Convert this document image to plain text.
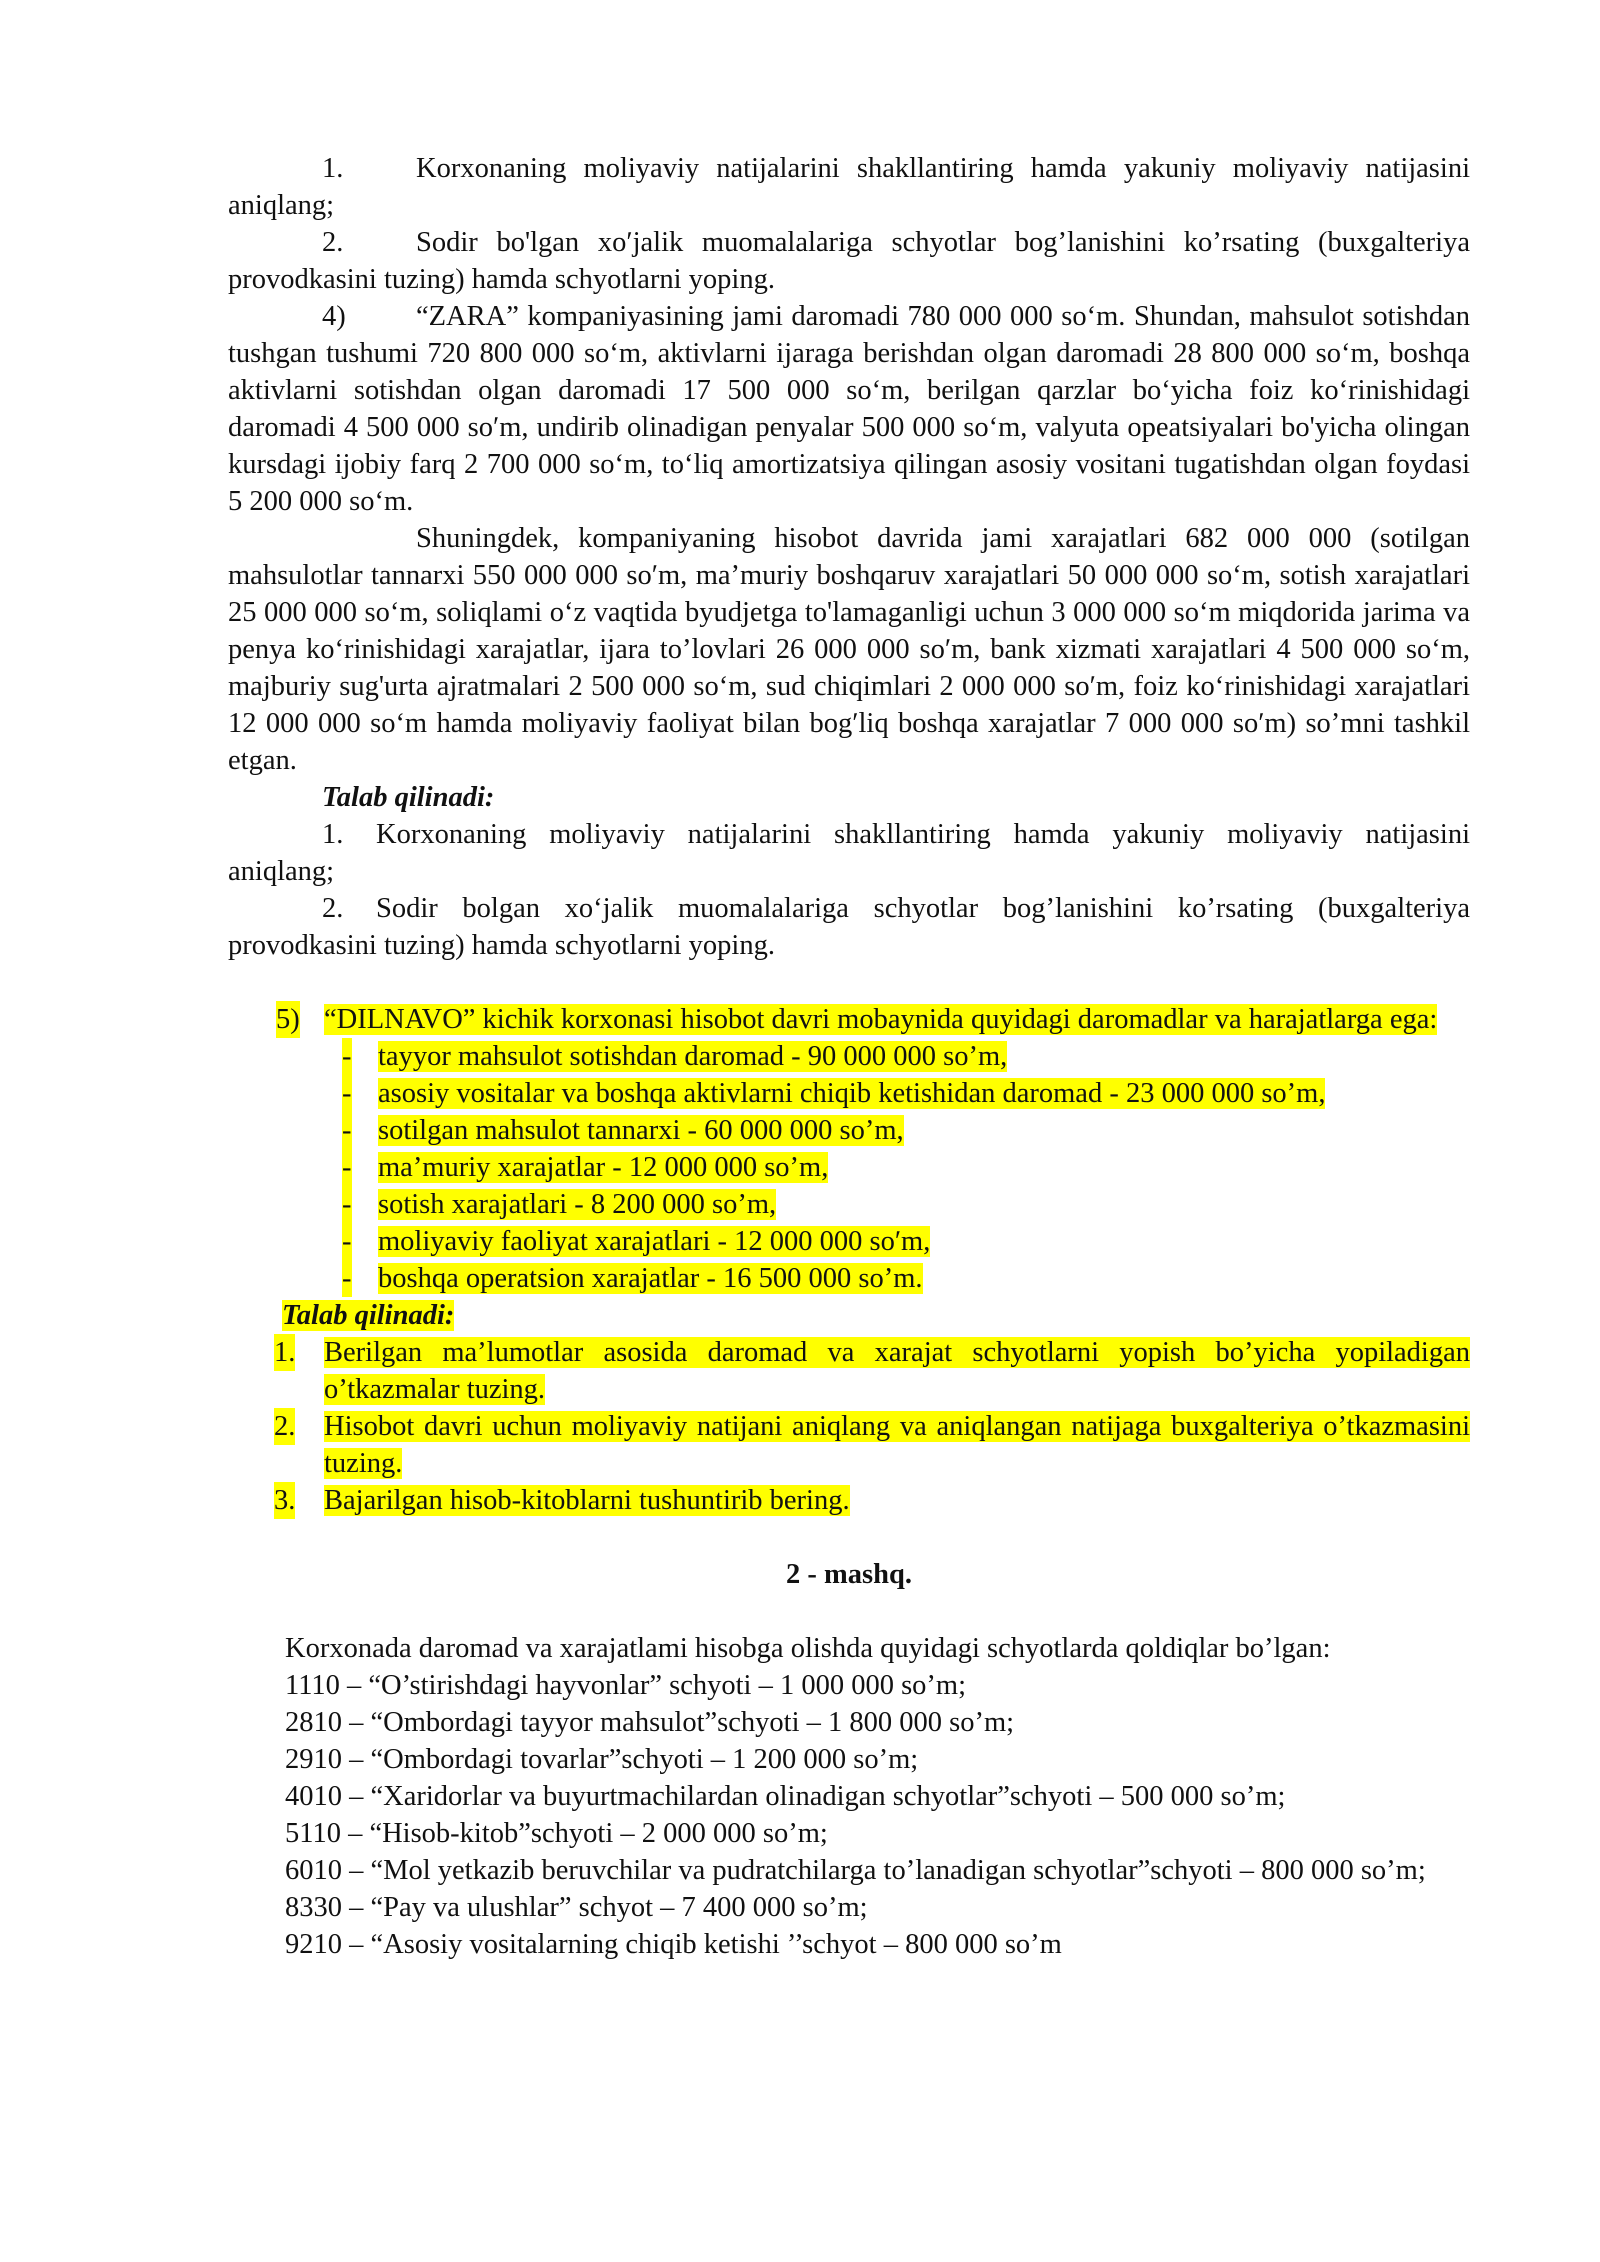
1.	Korxonaning moliyaviy natijalarini shakllantiring hamda yakuniy moliyaviy natijasini aniqlang;

2.	Sodir bo'lgan xoʹjalik muomalalariga schyotlar bog’lanishini ko’rsating (buxgalteriya provodkasini tuzing) hamda schyotlarni yoping.

4) “ZARA” kompaniyasining jami daromadi 780 000 000 so‘m. Shundan, mahsulot sotishdan tushgan tushumi 720 800 000 so‘m, aktivlarni ijaraga berishdan olgan daromadi 28 800 000 so‘m, boshqa aktivlarni sotishdan olgan daromadi 17 500 000 so‘m, berilgan qarzlar bo‘yicha foiz ko‘rinishidagi daromadi 4 500 000 soʹm, undirib olinadigan penyalar 500 000 so‘m, valyuta opeatsiyalari bo'yicha olingan kursdagi ijobiy farq 2 700 000 so‘m, to‘liq amortizatsiya qilingan asosiy vositani tugatishdan olgan foydasi 5 200 000 so‘m.

Shuningdek, kompaniyaning hisobot davrida jami xarajatlari 682 000 000 (sotilgan mahsulotlar tannarxi 550 000 000 soʹm, ma’muriy boshqaruv xarajatlari 50 000 000 so‘m, sotish xarajatlari 25 000 000 so‘m, soliqlami o‘z vaqtida byudjetga to'lamaganligi uchun 3 000 000 so‘m miqdorida jarima va penya ko‘rinishidagi xarajatlar, ijara to’lovlari 26 000 000 soʹm, bank xizmati xarajatlari 4 500 000 so‘m, majburiy sug'urta ajratmalari 2 500 000 so‘m, sud chiqimlari 2 000 000 soʹm, foiz ko‘rinishidagi xarajatlari 12 000 000 so‘m hamda moliyaviy faoliyat bilan bogʹliq boshqa xarajatlar 7 000 000 soʹm) so’mni tashkil etgan.

Talab qilinadi:

1. Korxonaning moliyaviy natijalarini shakllantiring hamda yakuniy moliyaviy natijasini aniqlang;

2. Sodir bolgan xo‘jalik muomalalariga schyotlar bog’lanishini ko’rsating (buxgalteriya provodkasini tuzing) hamda schyotlarni yoping.

5) “DILNAVO” kichik korxonasi hisobot davri mobaynida quyidagi daromadlar va harajatlarga ega:

- tayyor mahsulot sotishdan daromad - 90 000 000 so’m,

- asosiy vositalar va boshqa aktivlarni chiqib ketishidan daromad - 23 000 000 so’m,

- sotilgan mahsulot tannarxi - 60 000 000 so’m,

- ma’muriy xarajatlar - 12 000 000 so’m,

- sotish xarajatlari - 8 200 000 so’m,

- moliyaviy faoliyat xarajatlari - 12 000 000 soʹm,

- boshqa operatsion xarajatlar - 16 500 000 so’m.

Talab qilinadi:

1. Berilgan ma’lumotlar asosida daromad va xarajat schyotlarni yopish bo’yicha yopiladigan o’tkazmalar tuzing.

2. Hisobot davri uchun moliyaviy natijani aniqlang va aniqlangan natijaga buxgalteriya o’tkazmasini tuzing.

3. Bajarilgan hisob-kitoblarni tushuntirib bering.

2 - mashq.

Korxonada daromad va xarajatlami hisobga olishda quyidagi schyotlarda qoldiqlar bo’lgan:

1110 – “O’stirishdagi hayvonlar” schyoti – 1 000 000 so’m;

2810 – “Ombordagi tayyor mahsulot”schyoti – 1 800 000 so’m;

2910 – “Ombordagi tovarlar”schyoti – 1 200 000 so’m;

4010 – “Xaridorlar va buyurtmachilardan olinadigan schyotlar”schyoti – 500 000 so’m;

5110 – “Hisob-kitob”schyoti – 2 000 000 so’m;

6010 – “Mol yetkazib beruvchilar va pudratchilarga to’lanadigan schyotlar”schyoti – 800 000 so’m;

8330 – “Pay va ulushlar” schyot – 7 400 000 so’m;

9210 – “Asosiy vositalarning chiqib ketishi ’’schyot – 800 000 so’m
